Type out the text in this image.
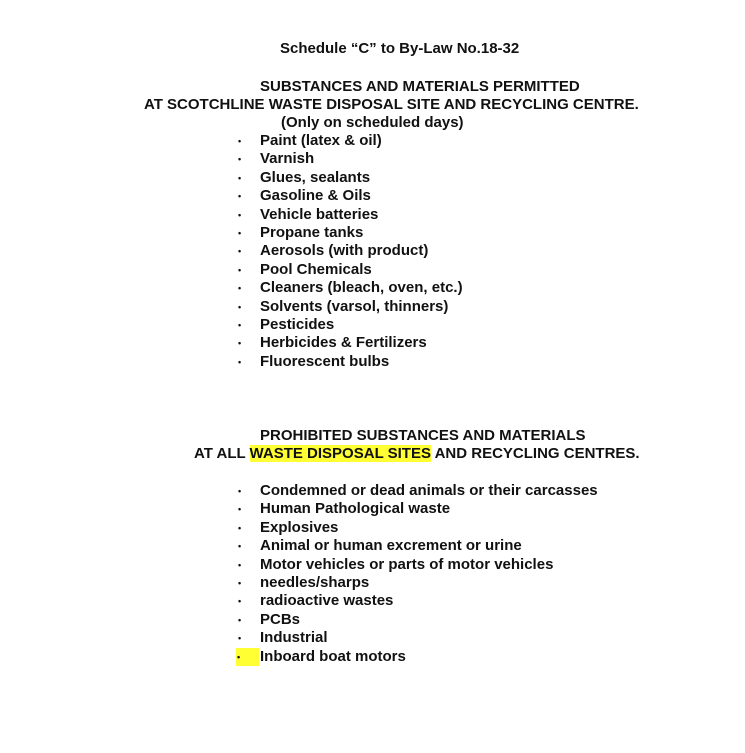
Schedule “C” to By-Law No.18-32
SUBSTANCES AND MATERIALS PERMITTED
AT SCOTCHLINE WASTE DISPOSAL SITE AND RECYCLING CENTRE.
(Only on scheduled days)
•	Paint (latex & oil)
•	Varnish
•	Glues, sealants
•	Gasoline & Oils
•	Vehicle batteries
•	Propane tanks
•	Aerosols (with product)
•	Pool Chemicals
•	Cleaners (bleach, oven, etc.)
•	Solvents (varsol, thinners)
•	Pesticides
•	Herbicides & Fertilizers
•	Fluorescent bulbs
PROHIBITED SUBSTANCES AND MATERIALS
AT ALL WASTE DISPOSAL SITES AND RECYCLING CENTRES.
•	Condemned or dead animals or their carcasses
•	Human Pathological waste
•	Explosives
•	Animal or human excrement or urine
•	Motor vehicles or parts of motor vehicles
•	needles/sharps
•	radioactive wastes
•	PCBs
•	Industrial
•	Inboard boat motors
